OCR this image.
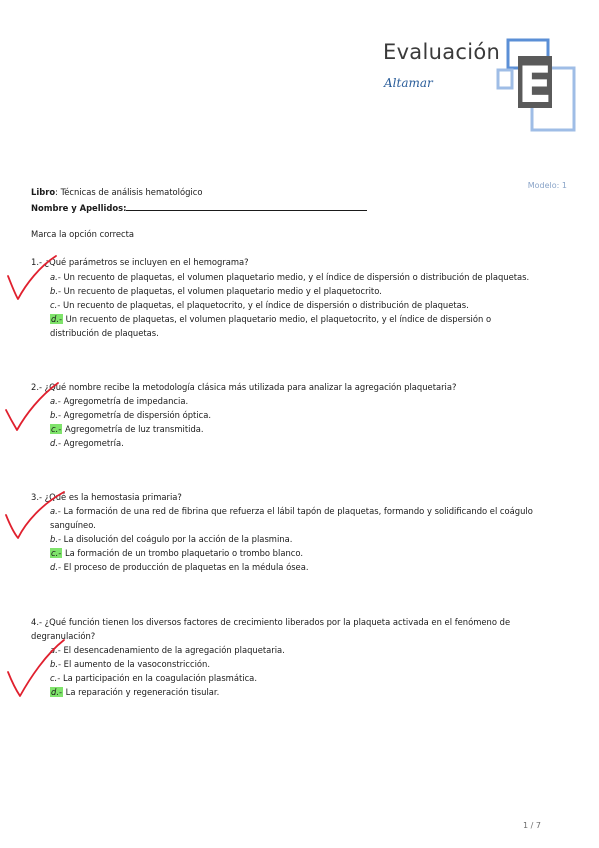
Evaluación
Altamar E
Modelo: 1
Libro: Técnicas de análisis hematológico
Nombre y Apellidos:
Marca la opción correcta
1.- ¿Qué parámetros se incluyen en el hemograma?
a.- Un recuento de plaquetas, el volumen plaquetario medio, y el índice de dispersión o distribución de plaquetas.
b.- Un recuento de plaquetas, el volumen plaquetario medio y el plaquetocrito.
c.- Un recuento de plaquetas, el plaquetocrito, y el índice de dispersión o distribución de plaquetas.
d.- Un recuento de plaquetas, el volumen plaquetario medio, el plaquetocrito, y el índice de dispersión o
distribución de plaquetas.
2.- ¿Qué nombre recibe la metodología clásica más utilizada para analizar la agregación plaquetaria?
a.- Agregometría de impedancia.
b.- Agregometría de dispersión óptica.
c.- Agregometría de luz transmitida.
d.- Agregometría.
3.- ¿Qué es la hemostasia primaria?
a.- La formación de una red de fibrina que refuerza el lábil tapón de plaquetas, formando y solidificando el coágulo
sanguíneo.
b.- La disolución del coágulo por la acción de la plasmina.
c.- La formación de un trombo plaquetario o trombo blanco.
d.- El proceso de producción de plaquetas en la médula ósea.
4.- ¿Qué función tienen los diversos factores de crecimiento liberados por la plaqueta activada en el fenómeno de
degranulación?
a.- El desencadenamiento de la agregación plaquetaria.
b.- El aumento de la vasoconstricción.
c.- La participación en la coagulación plasmática.
d.- La reparación y regeneración tisular.
1 / 7
